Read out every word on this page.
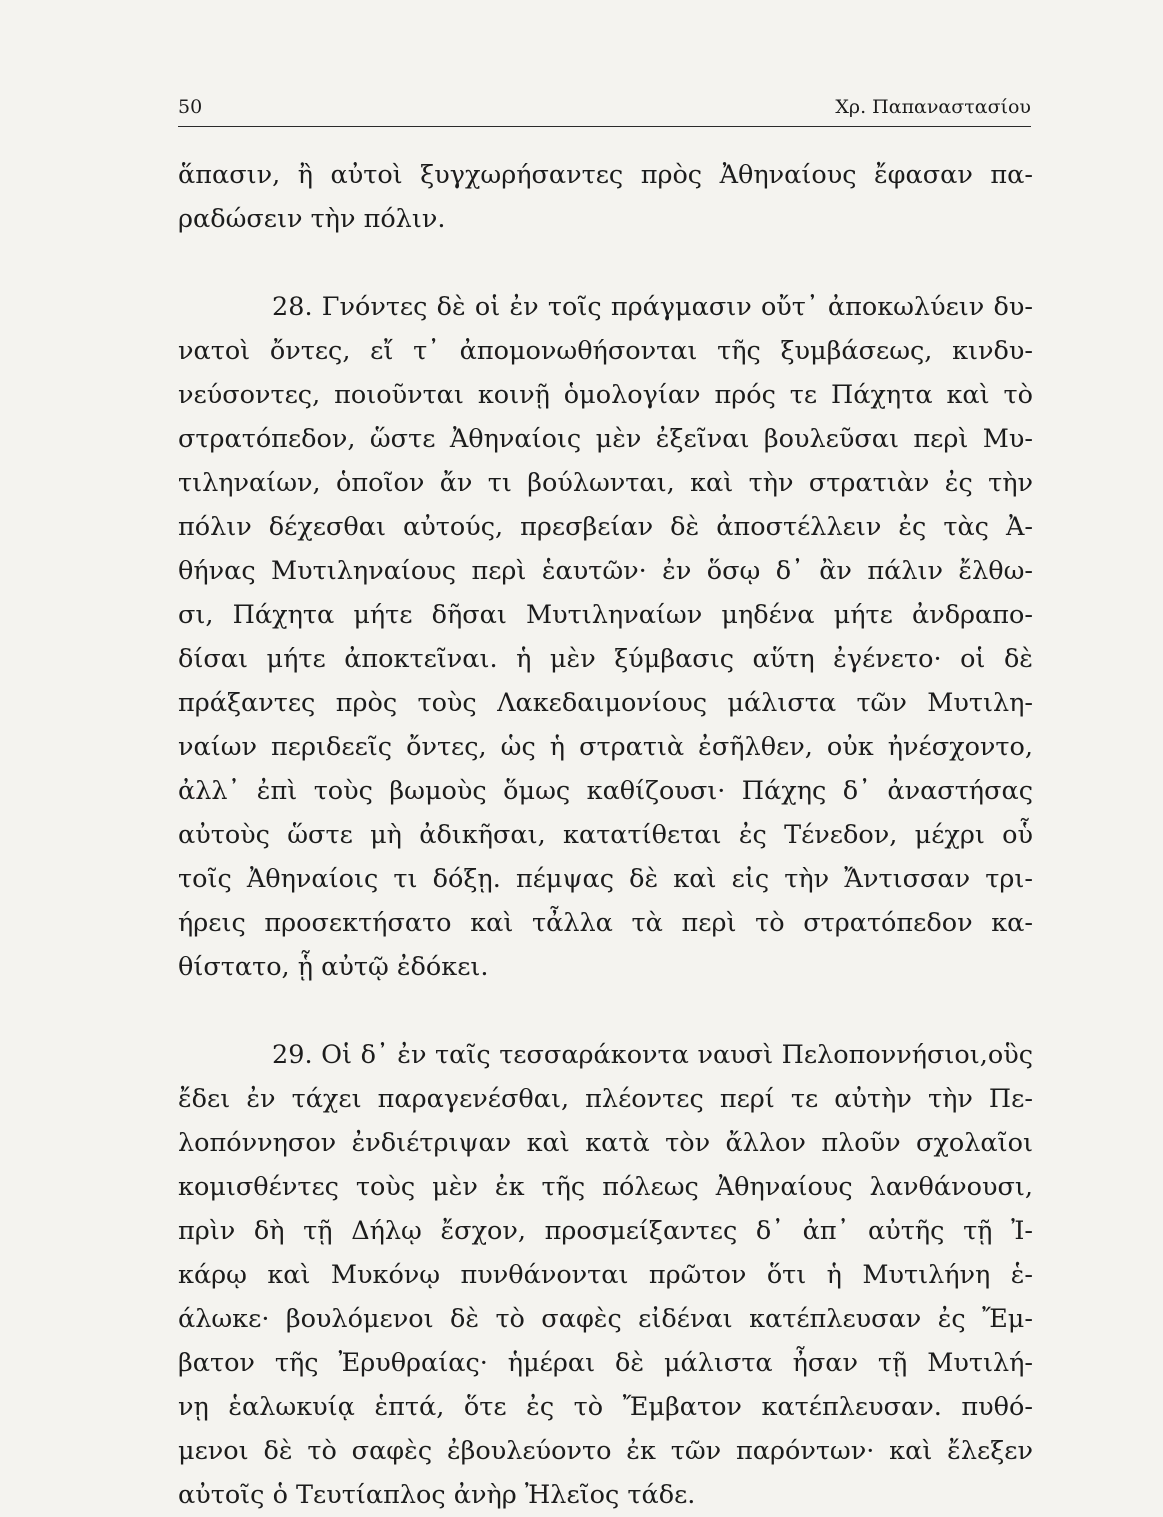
50	Χρ. Παπαναστασίου
ἅπασιν, ἢ αὐτοὶ ξυγχωρήσαντες πρὸς Ἀθηναίους ἔφασαν πα-
ραδώσειν τὴν πόλιν.
28. Γνόντες δὲ οἱ ἐν τοῖς πράγμασιν οὔτ᾽ ἀποκωλύειν δυ-
νατοὶ ὄντες, εἴ τ᾽ ἀπομονωθήσονται τῆς ξυμβάσεως, κινδυ-
νεύσοντες, ποιοῦνται κοινῇ ὁμολογίαν πρός τε Πάχητα καὶ τὸ
στρατόπεδον, ὥστε Ἀθηναίοις μὲν ἐξεῖναι βουλεῦσαι περὶ Μυ-
τιληναίων, ὁποῖον ἄν τι βούλωνται, καὶ τὴν στρατιὰν ἐς τὴν
πόλιν δέχεσθαι αὐτούς, πρεσβείαν δὲ ἀποστέλλειν ἐς τὰς Ἀ-
θήνας Μυτιληναίους περὶ ἑαυτῶν· ἐν ὅσῳ δ᾽ ἂν πάλιν ἔλθω-
σι, Πάχητα μήτε δῆσαι Μυτιληναίων μηδένα μήτε ἀνδραπο-
δίσαι μήτε ἀποκτεῖναι. ἡ μὲν ξύμβασις αὕτη ἐγένετο· οἱ δὲ
πράξαντες πρὸς τοὺς Λακεδαιμονίους μάλιστα τῶν Μυτιλη-
ναίων περιδεεῖς ὄντες, ὡς ἡ στρατιὰ ἐσῆλθεν, οὐκ ἠνέσχοντο,
ἀλλ᾽ ἐπὶ τοὺς βωμοὺς ὅμως καθίζουσι· Πάχης δ᾽ ἀναστήσας
αὐτοὺς ὥστε μὴ ἀδικῆσαι, κατατίθεται ἐς Τένεδον, μέχρι οὗ
τοῖς Ἀθηναίοις τι δόξῃ. πέμψας δὲ καὶ εἰς τὴν Ἄντισσαν τρι-
ήρεις προσεκτήσατο καὶ τἆλλα τὰ περὶ τὸ στρατόπεδον κα-
θίστατο, ᾗ αὐτῷ ἐδόκει.
29. Οἱ δ᾽ ἐν ταῖς τεσσαράκοντα ναυσὶ Πελοποννήσιοι,οὓς
ἔδει ἐν τάχει παραγενέσθαι, πλέοντες περί τε αὐτὴν τὴν Πε-
λοπόννησον ἐνδιέτριψαν καὶ κατὰ τὸν ἄλλον πλοῦν σχολαῖοι
κομισθέντες τοὺς μὲν ἐκ τῆς πόλεως Ἀθηναίους λανθάνουσι,
πρὶν δὴ τῇ Δήλῳ ἔσχον, προσμείξαντες δ᾽ ἀπ᾽ αὐτῆς τῇ Ἰ-
κάρῳ καὶ Μυκόνῳ πυνθάνονται πρῶτον ὅτι ἡ Μυτιλήνη ἑ-
άλωκε· βουλόμενοι δὲ τὸ σαφὲς εἰδέναι κατέπλευσαν ἐς Ἔμ-
βατον τῆς Ἐρυθραίας· ἡμέραι δὲ μάλιστα ἦσαν τῇ Μυτιλή-
νῃ ἑαλωκυίᾳ ἑπτά, ὅτε ἐς τὸ Ἔμβατον κατέπλευσαν. πυθό-
μενοι δὲ τὸ σαφὲς ἐβουλεύοντο ἐκ τῶν παρόντων· καὶ ἔλεξεν
αὐτοῖς ὁ Τευτίαπλος ἀνὴρ Ἠλεῖος τάδε.
